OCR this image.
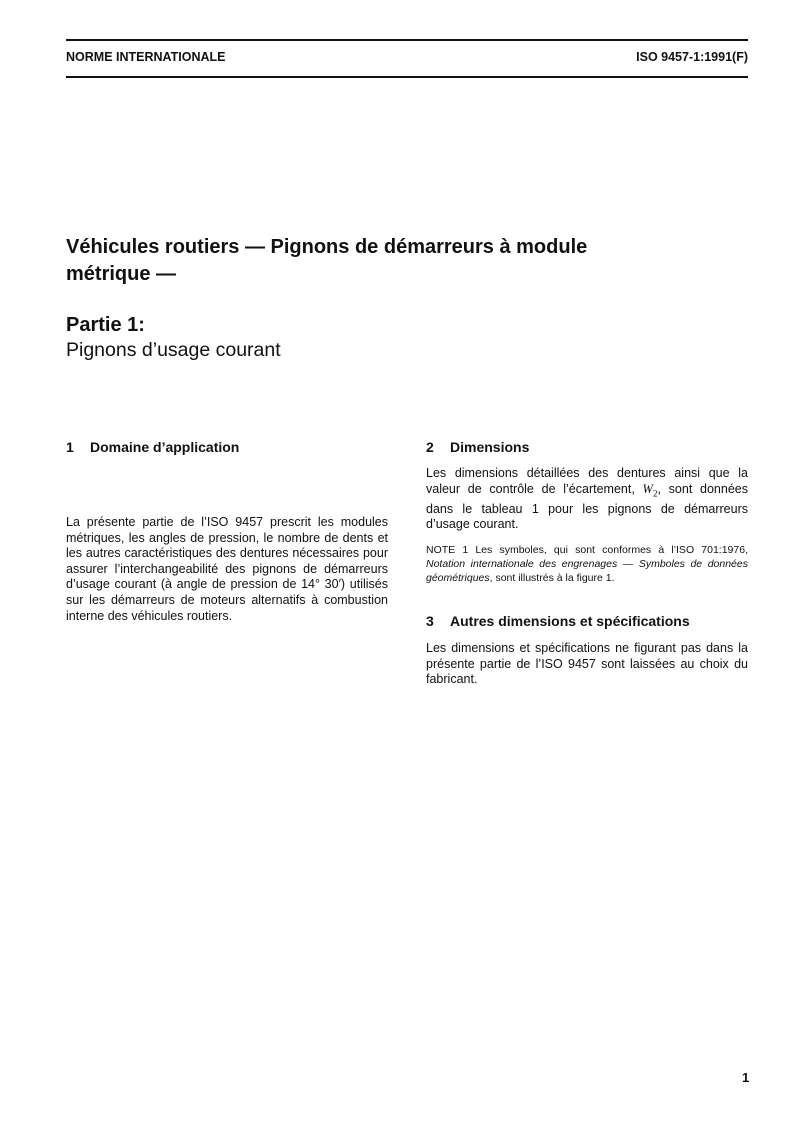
NORME INTERNATIONALE	ISO 9457-1:1991(F)
Véhicules routiers — Pignons de démarreurs à module
métrique —

Partie 1:

Pignons d’usage courant

1 Domaine d’application

La présente partie de l’ISO 9457 prescrit les modules métriques, les angles de pression, le nombre de dents et les autres caractéristiques des dentures nécessaires pour assurer l’interchangeabilité des pignons de démarreurs d’usage courant (à angle de pression de 14° 30′) utilisés sur les démarreurs de moteurs alternatifs à combustion interne des véhicules routiers.

2 Dimensions

Les dimensions détaillées des dentures ainsi que la valeur de contrôle de l’écartement, $W_2$, sont données dans le tableau 1 pour les pignons de démarreurs d’usage courant.

NOTE 1 Les symboles, qui sont conformes à l’ISO 701:1976, Notation internationale des engrenages — Symboles de données géométriques, sont illustrés à la figure 1.

3 Autres dimensions et spécifications

Les dimensions et spécifications ne figurant pas dans la présente partie de l’ISO 9457 sont laissées au choix du fabricant.

1
